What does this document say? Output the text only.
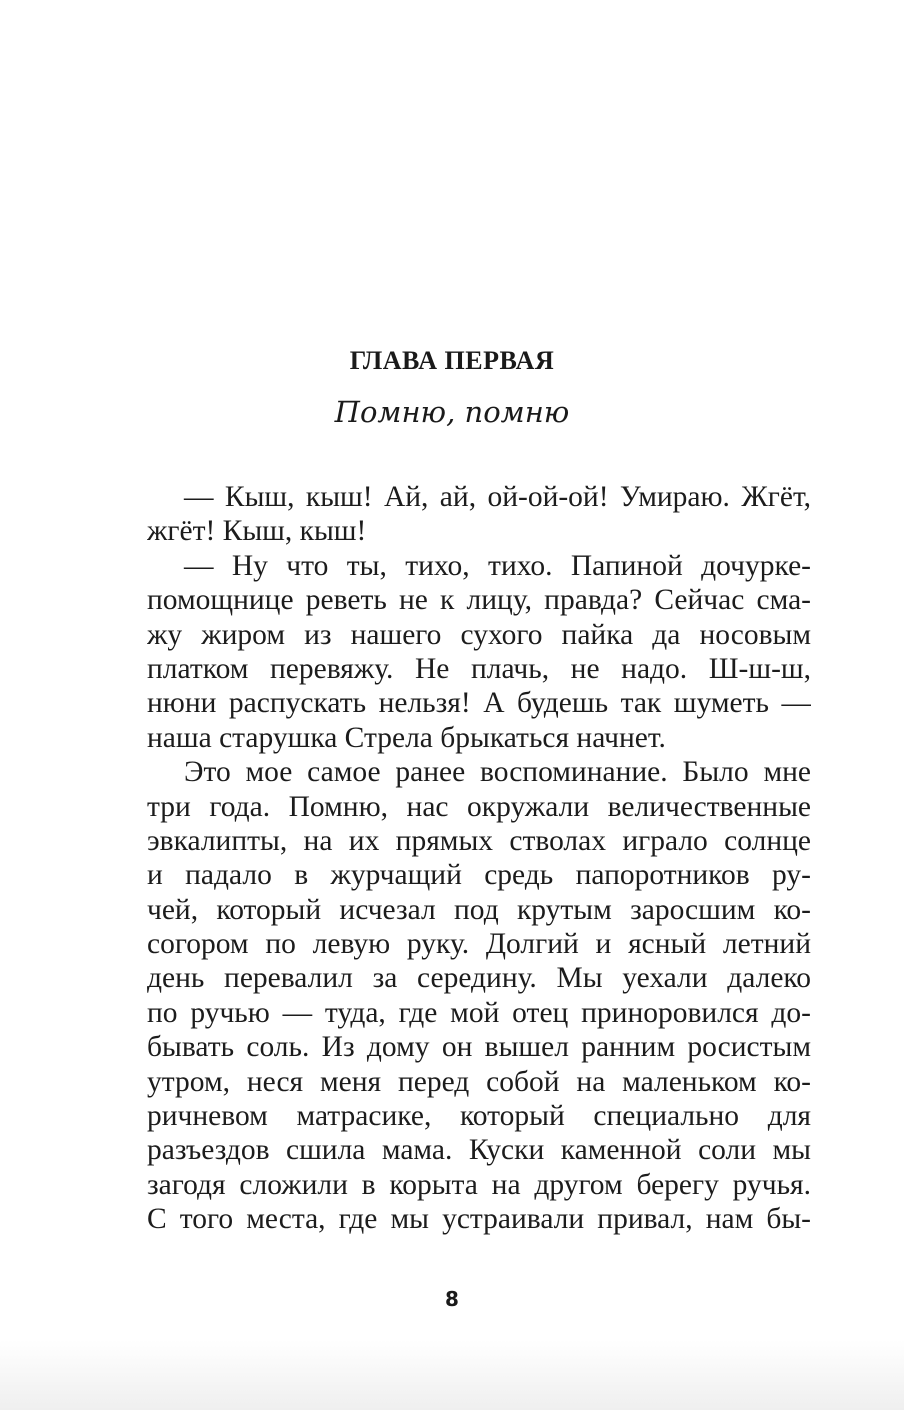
ГЛАВА ПЕРВАЯ
Помню, помню
— Кыш, кыш! Ай, ай, ой-ой-ой! Умираю. Жгёт,
жгёт! Кыш, кыш!
— Ну что ты, тихо, тихо. Папиной дочурке-
помощнице реветь не к лицу, правда? Сейчас сма-
жу жиром из нашего сухого пайка да носовым
платком перевяжу. Не плачь, не надо. Ш-ш-ш,
нюни распускать нельзя! А будешь так шуметь —
наша старушка Стрела брыкаться начнет.
Это мое самое ранее воспоминание. Было мне
три года. Помню, нас окружали величественные
эвкалипты, на их прямых стволах играло солнце
и падало в журчащий средь папоротников ру-
чей, который исчезал под крутым заросшим ко-
согором по левую руку. Долгий и ясный летний
день перевалил за середину. Мы уехали далеко
по ручью — туда, где мой отец приноровился до-
бывать соль. Из дому он вышел ранним росистым
утром, неся меня перед собой на маленьком ко-
ричневом матрасике, который специально для
разъездов сшила мама. Куски каменной соли мы
загодя сложили в корыта на другом берегу ручья.
С того места, где мы устраивали привал, нам бы-
8
